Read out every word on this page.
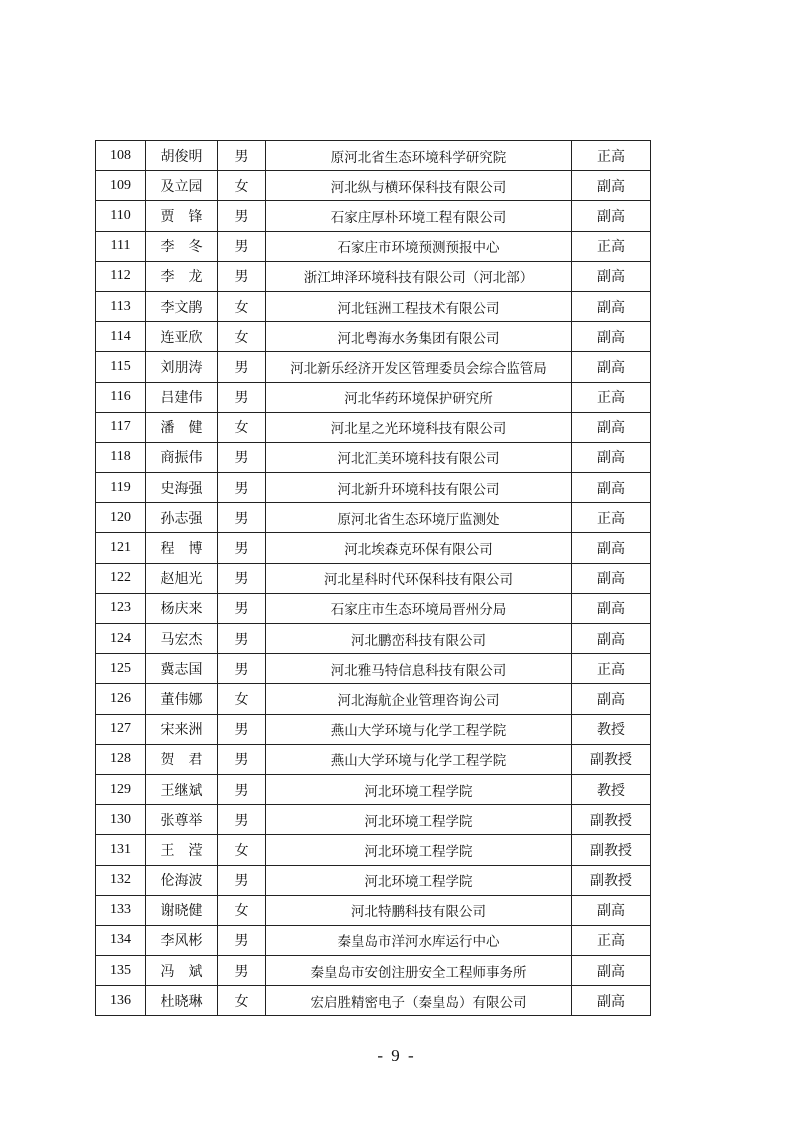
108	胡俊明	男	原河北省生态环境科学研究院	正高
109	及立园	女	河北纵与横环保科技有限公司	副高
110	贾　锋	男	石家庄厚朴环境工程有限公司	副高
111	李　冬	男	石家庄市环境预测预报中心	正高
112	李　龙	男	浙江坤泽环境科技有限公司（河北部）	副高
113	李文鹃	女	河北钰洲工程技术有限公司	副高
114	连亚欣	女	河北粤海水务集团有限公司	副高
115	刘朋涛	男	河北新乐经济开发区管理委员会综合监管局	副高
116	吕建伟	男	河北华药环境保护研究所	正高
117	潘　健	女	河北星之光环境科技有限公司	副高
118	商振伟	男	河北汇美环境科技有限公司	副高
119	史海强	男	河北新升环境科技有限公司	副高
120	孙志强	男	原河北省生态环境厅监测处	正高
121	程　博	男	河北埃森克环保有限公司	副高
122	赵旭光	男	河北星科时代环保科技有限公司	副高
123	杨庆来	男	石家庄市生态环境局晋州分局	副高
124	马宏杰	男	河北鹏峦科技有限公司	副高
125	冀志国	男	河北雅马特信息科技有限公司	正高
126	董伟娜	女	河北海航企业管理咨询公司	副高
127	宋来洲	男	燕山大学环境与化学工程学院	教授
128	贺　君	男	燕山大学环境与化学工程学院	副教授
129	王继斌	男	河北环境工程学院	教授
130	张尊举	男	河北环境工程学院	副教授
131	王　滢	女	河北环境工程学院	副教授
132	伦海波	男	河北环境工程学院	副教授
133	谢晓健	女	河北特鹏科技有限公司	副高
134	李风彬	男	秦皇岛市洋河水库运行中心	正高
135	冯　斌	男	秦皇岛市安创注册安全工程师事务所	副高
136	杜晓琳	女	宏启胜精密电子（秦皇岛）有限公司	副高
- 9 -
